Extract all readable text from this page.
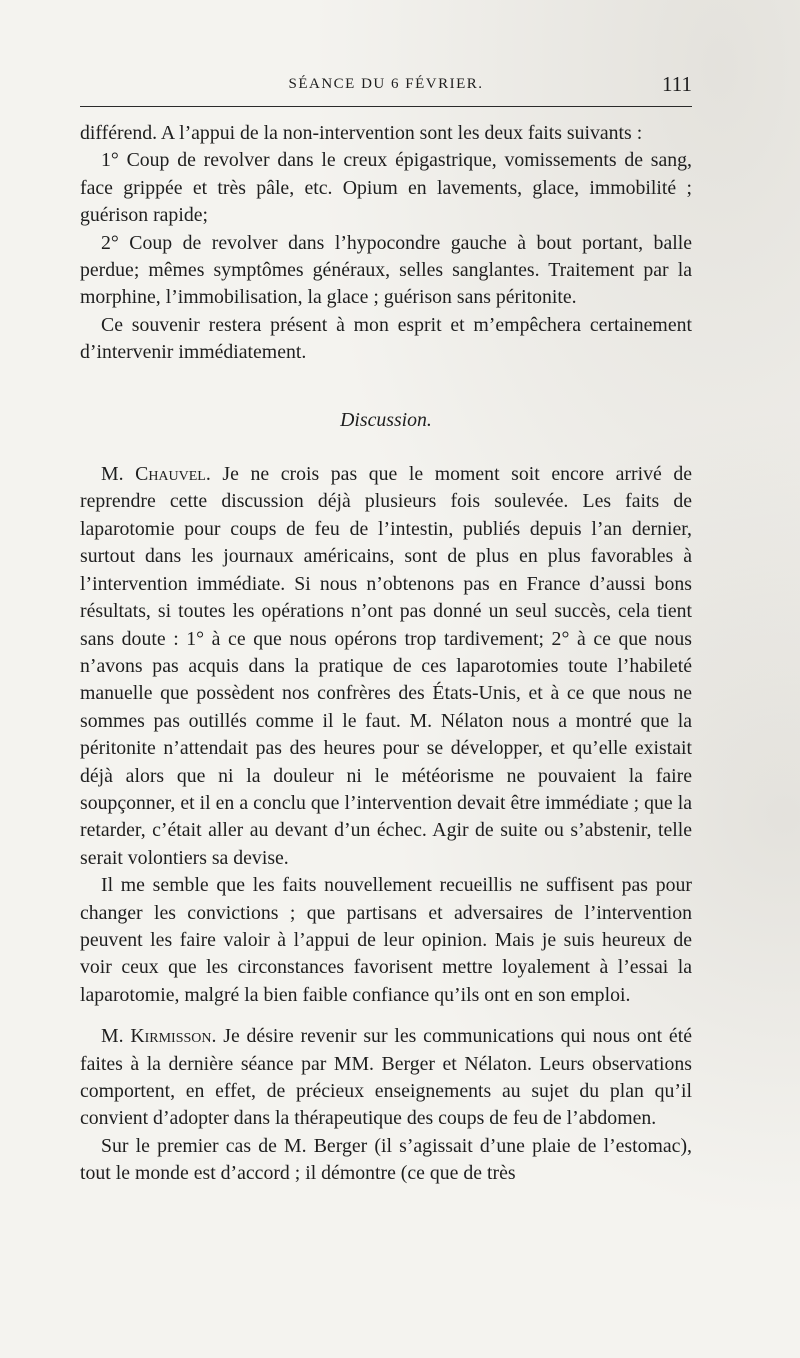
SÉANCE DU 6 FÉVRIER.	111

différend. A l’appui de la non-intervention sont les deux faits suivants :

1° Coup de revolver dans le creux épigastrique, vomissements de sang, face grippée et très pâle, etc. Opium en lavements, glace, immobilité ; guérison rapide;

2° Coup de revolver dans l’hypocondre gauche à bout portant, balle perdue; mêmes symptômes généraux, selles sanglantes. Traitement par la morphine, l’immobilisation, la glace ; guérison sans péritonite.

Ce souvenir restera présent à mon esprit et m’empêchera certainement d’intervenir immédiatement.

Discussion.

M. Chauvel. Je ne crois pas que le moment soit encore arrivé de reprendre cette discussion déjà plusieurs fois soulevée. Les faits de laparotomie pour coups de feu de l’intestin, publiés depuis l’an dernier, surtout dans les journaux américains, sont de plus en plus favorables à l’intervention immédiate. Si nous n’obtenons pas en France d’aussi bons résultats, si toutes les opérations n’ont pas donné un seul succès, cela tient sans doute : 1° à ce que nous opérons trop tardivement; 2° à ce que nous n’avons pas acquis dans la pratique de ces laparotomies toute l’habileté manuelle que possèdent nos confrères des États-Unis, et à ce que nous ne sommes pas outillés comme il le faut. M. Nélaton nous a montré que la péritonite n’attendait pas des heures pour se développer, et qu’elle existait déjà alors que ni la douleur ni le météorisme ne pouvaient la faire soupçonner, et il en a conclu que l’intervention devait être immédiate ; que la retarder, c’était aller au devant d’un échec. Agir de suite ou s’abstenir, telle serait volontiers sa devise.

Il me semble que les faits nouvellement recueillis ne suffisent pas pour changer les convictions ; que partisans et adversaires de l’intervention peuvent les faire valoir à l’appui de leur opinion. Mais je suis heureux de voir ceux que les circonstances favorisent mettre loyalement à l’essai la laparotomie, malgré la bien faible confiance qu’ils ont en son emploi.

M. Kirmisson. Je désire revenir sur les communications qui nous ont été faites à la dernière séance par MM. Berger et Nélaton. Leurs observations comportent, en effet, de précieux enseignements au sujet du plan qu’il convient d’adopter dans la thérapeutique des coups de feu de l’abdomen.

Sur le premier cas de M. Berger (il s’agissait d’une plaie de l’estomac), tout le monde est d’accord ; il démontre (ce que de très
